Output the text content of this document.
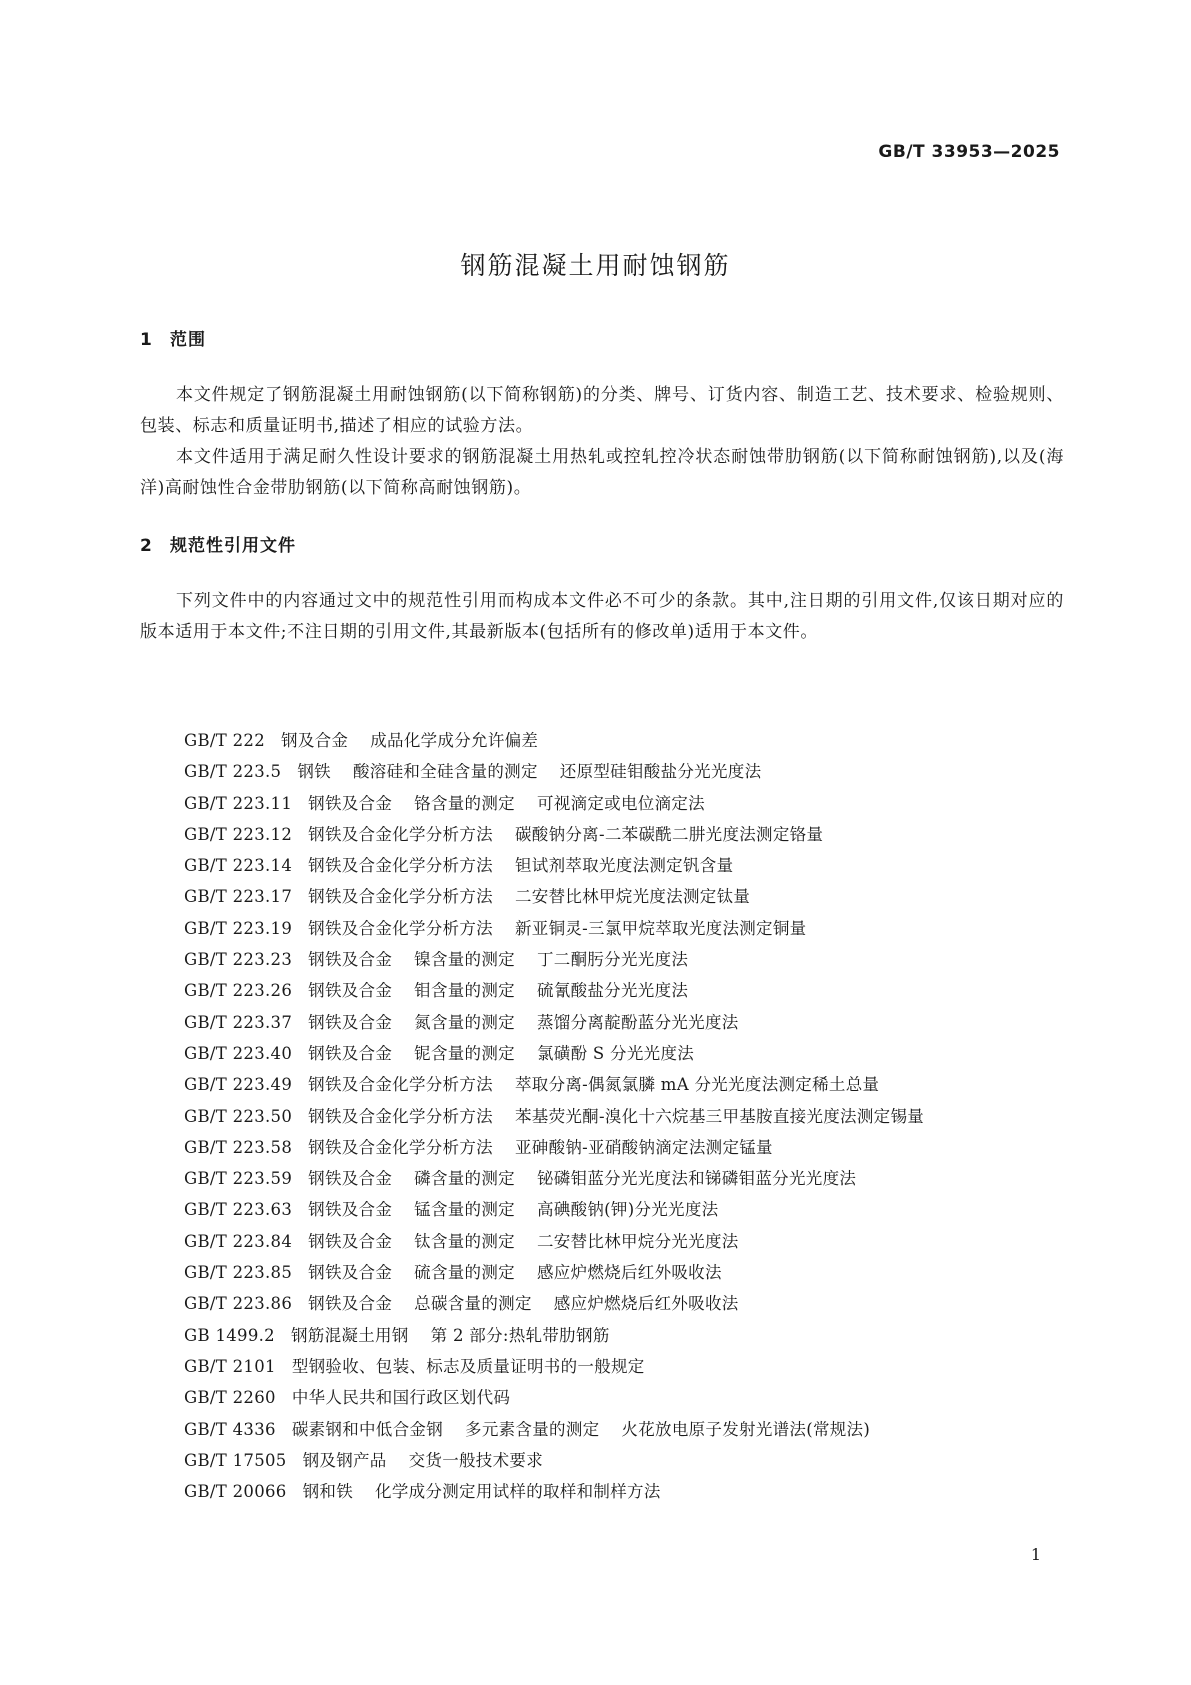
GB/T 33953—2025
钢筋混凝土用耐蚀钢筋
1 范围
本文件规定了钢筋混凝土用耐蚀钢筋(以下简称钢筋)的分类、牌号、订货内容、制造工艺、技术要求、检验规则、包装、标志和质量证明书,描述了相应的试验方法。
本文件适用于满足耐久性设计要求的钢筋混凝土用热轧或控轧控冷状态耐蚀带肋钢筋(以下简称耐蚀钢筋),以及(海洋)高耐蚀性合金带肋钢筋(以下简称高耐蚀钢筋)。
2 规范性引用文件
下列文件中的内容通过文中的规范性引用而构成本文件必不可少的条款。其中,注日期的引用文件,仅该日期对应的版本适用于本文件;不注日期的引用文件,其最新版本(包括所有的修改单)适用于本文件。
GB/T 222 钢及合金 成品化学成分允许偏差
GB/T 223.5 钢铁 酸溶硅和全硅含量的测定 还原型硅钼酸盐分光光度法
GB/T 223.11 钢铁及合金 铬含量的测定 可视滴定或电位滴定法
GB/T 223.12 钢铁及合金化学分析方法 碳酸钠分离-二苯碳酰二肼光度法测定铬量
GB/T 223.14 钢铁及合金化学分析方法 钽试剂萃取光度法测定钒含量
GB/T 223.17 钢铁及合金化学分析方法 二安替比林甲烷光度法测定钛量
GB/T 223.19 钢铁及合金化学分析方法 新亚铜灵-三氯甲烷萃取光度法测定铜量
GB/T 223.23 钢铁及合金 镍含量的测定 丁二酮肟分光光度法
GB/T 223.26 钢铁及合金 钼含量的测定 硫氰酸盐分光光度法
GB/T 223.37 钢铁及合金 氮含量的测定 蒸馏分离靛酚蓝分光光度法
GB/T 223.40 钢铁及合金 铌含量的测定 氯磺酚 S 分光光度法
GB/T 223.49 钢铁及合金化学分析方法 萃取分离-偶氮氯膦 mA 分光光度法测定稀土总量
GB/T 223.50 钢铁及合金化学分析方法 苯基荧光酮-溴化十六烷基三甲基胺直接光度法测定锡量
GB/T 223.58 钢铁及合金化学分析方法 亚砷酸钠-亚硝酸钠滴定法测定锰量
GB/T 223.59 钢铁及合金 磷含量的测定 铋磷钼蓝分光光度法和锑磷钼蓝分光光度法
GB/T 223.63 钢铁及合金 锰含量的测定 高碘酸钠(钾)分光光度法
GB/T 223.84 钢铁及合金 钛含量的测定 二安替比林甲烷分光光度法
GB/T 223.85 钢铁及合金 硫含量的测定 感应炉燃烧后红外吸收法
GB/T 223.86 钢铁及合金 总碳含量的测定 感应炉燃烧后红外吸收法
GB 1499.2 钢筋混凝土用钢 第 2 部分:热轧带肋钢筋
GB/T 2101 型钢验收、包装、标志及质量证明书的一般规定
GB/T 2260 中华人民共和国行政区划代码
GB/T 4336 碳素钢和中低合金钢 多元素含量的测定 火花放电原子发射光谱法(常规法)
GB/T 17505 钢及钢产品 交货一般技术要求
GB/T 20066 钢和铁 化学成分测定用试样的取样和制样方法
1
